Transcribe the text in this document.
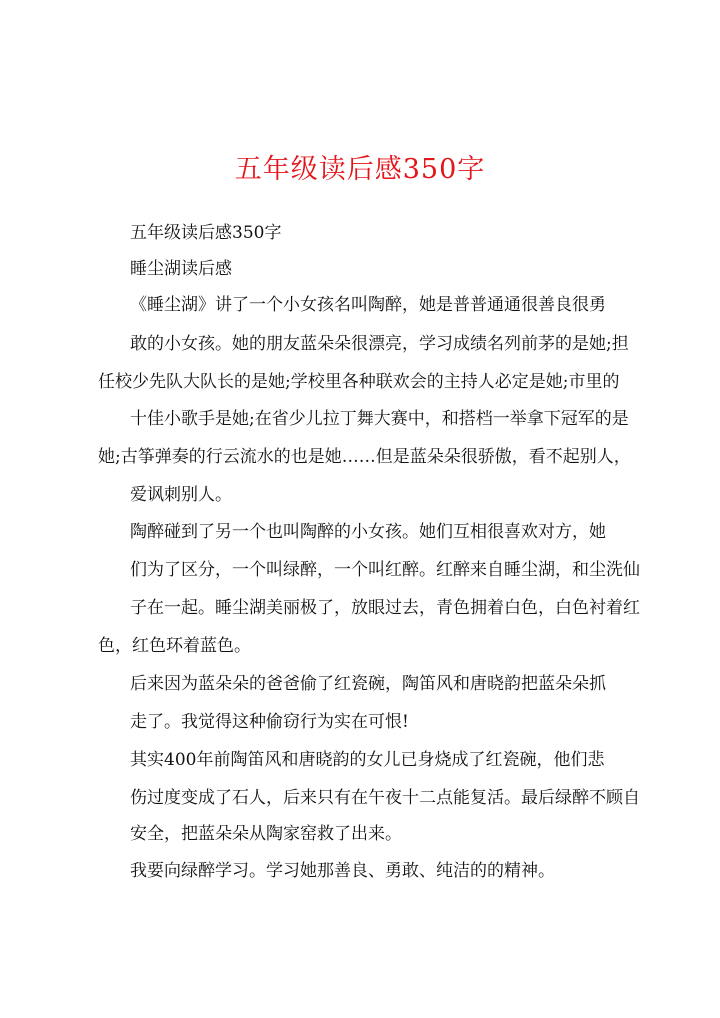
五年级读后感350字
五年级读后感350字
睡尘湖读后感
《睡尘湖》讲了一个小女孩名叫陶醉，她是普普通通很善良很勇
敢的小女孩。她的朋友蓝朵朵很漂亮，学习成绩名列前茅的是她;担
任校少先队大队长的是她;学校里各种联欢会的主持人必定是她;市里的
十佳小歌手是她;在省少儿拉丁舞大赛中，和搭档一举拿下冠军的是
她;古筝弹奏的行云流水的也是她……但是蓝朵朵很骄傲，看不起别人，
爱讽刺别人。
陶醉碰到了另一个也叫陶醉的小女孩。她们互相很喜欢对方，她
们为了区分，一个叫绿醉，一个叫红醉。红醉来自睡尘湖，和尘洗仙
子在一起。睡尘湖美丽极了，放眼过去，青色拥着白色，白色衬着红
色，红色环着蓝色。
后来因为蓝朵朵的爸爸偷了红瓷碗，陶笛风和唐晓韵把蓝朵朵抓
走了。我觉得这种偷窃行为实在可恨!
其实400年前陶笛风和唐晓韵的女儿已身烧成了红瓷碗，他们悲
伤过度变成了石人，后来只有在午夜十二点能复活。最后绿醉不顾自
安全，把蓝朵朵从陶家窑救了出来。
我要向绿醉学习。学习她那善良、勇敢、纯洁的的精神。
